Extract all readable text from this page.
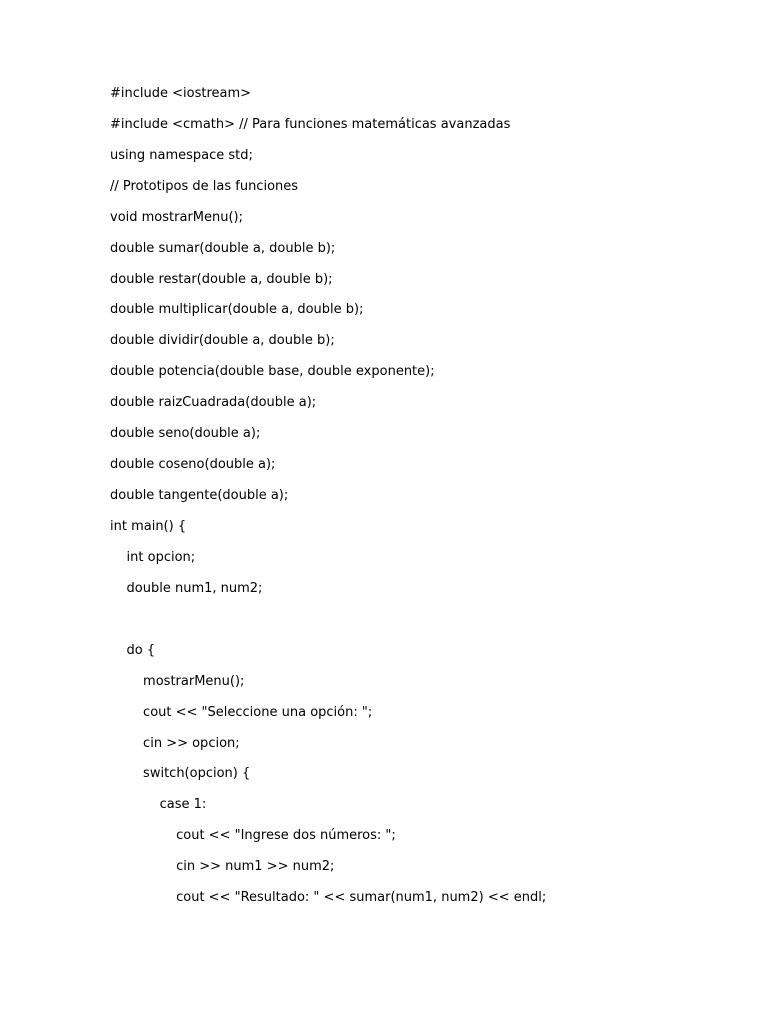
#include <iostream>
#include <cmath> // Para funciones matemáticas avanzadas
using namespace std;
// Prototipos de las funciones
void mostrarMenu();
double sumar(double a, double b);
double restar(double a, double b);
double multiplicar(double a, double b);
double dividir(double a, double b);
double potencia(double base, double exponente);
double raizCuadrada(double a);
double seno(double a);
double coseno(double a);
double tangente(double a);
int main() {
int opcion;
double num1, num2;
do {
mostrarMenu();
cout << "Seleccione una opción: ";
cin >> opcion;
switch(opcion) {
case 1:
cout << "Ingrese dos números: ";
cin >> num1 >> num2;
cout << "Resultado: " << sumar(num1, num2) << endl;
